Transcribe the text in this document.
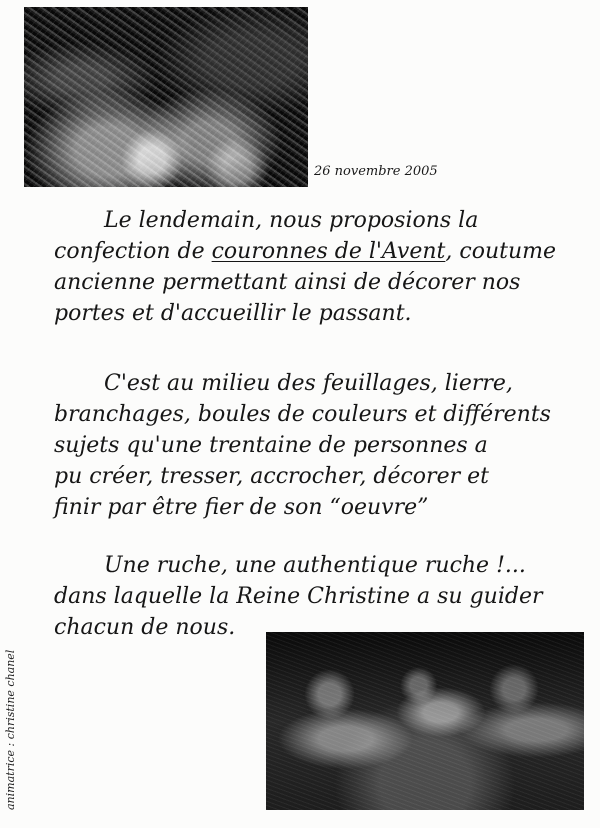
26 novembre 2005
Le lendemain, nous proposions la
confection de couronnes de l'Avent, coutume
ancienne permettant ainsi de décorer nos
portes et d'accueillir le passant.
C'est au milieu des feuillages, lierre,
branchages, boules de couleurs et différents
sujets qu'une trentaine de personnes a
pu créer, tresser, accrocher, décorer et
finir par être fier de son “oeuvre”
Une ruche, une authentique ruche !...
dans laquelle la Reine Christine a su guider
chacun de nous.
animatrice : christine chanel
